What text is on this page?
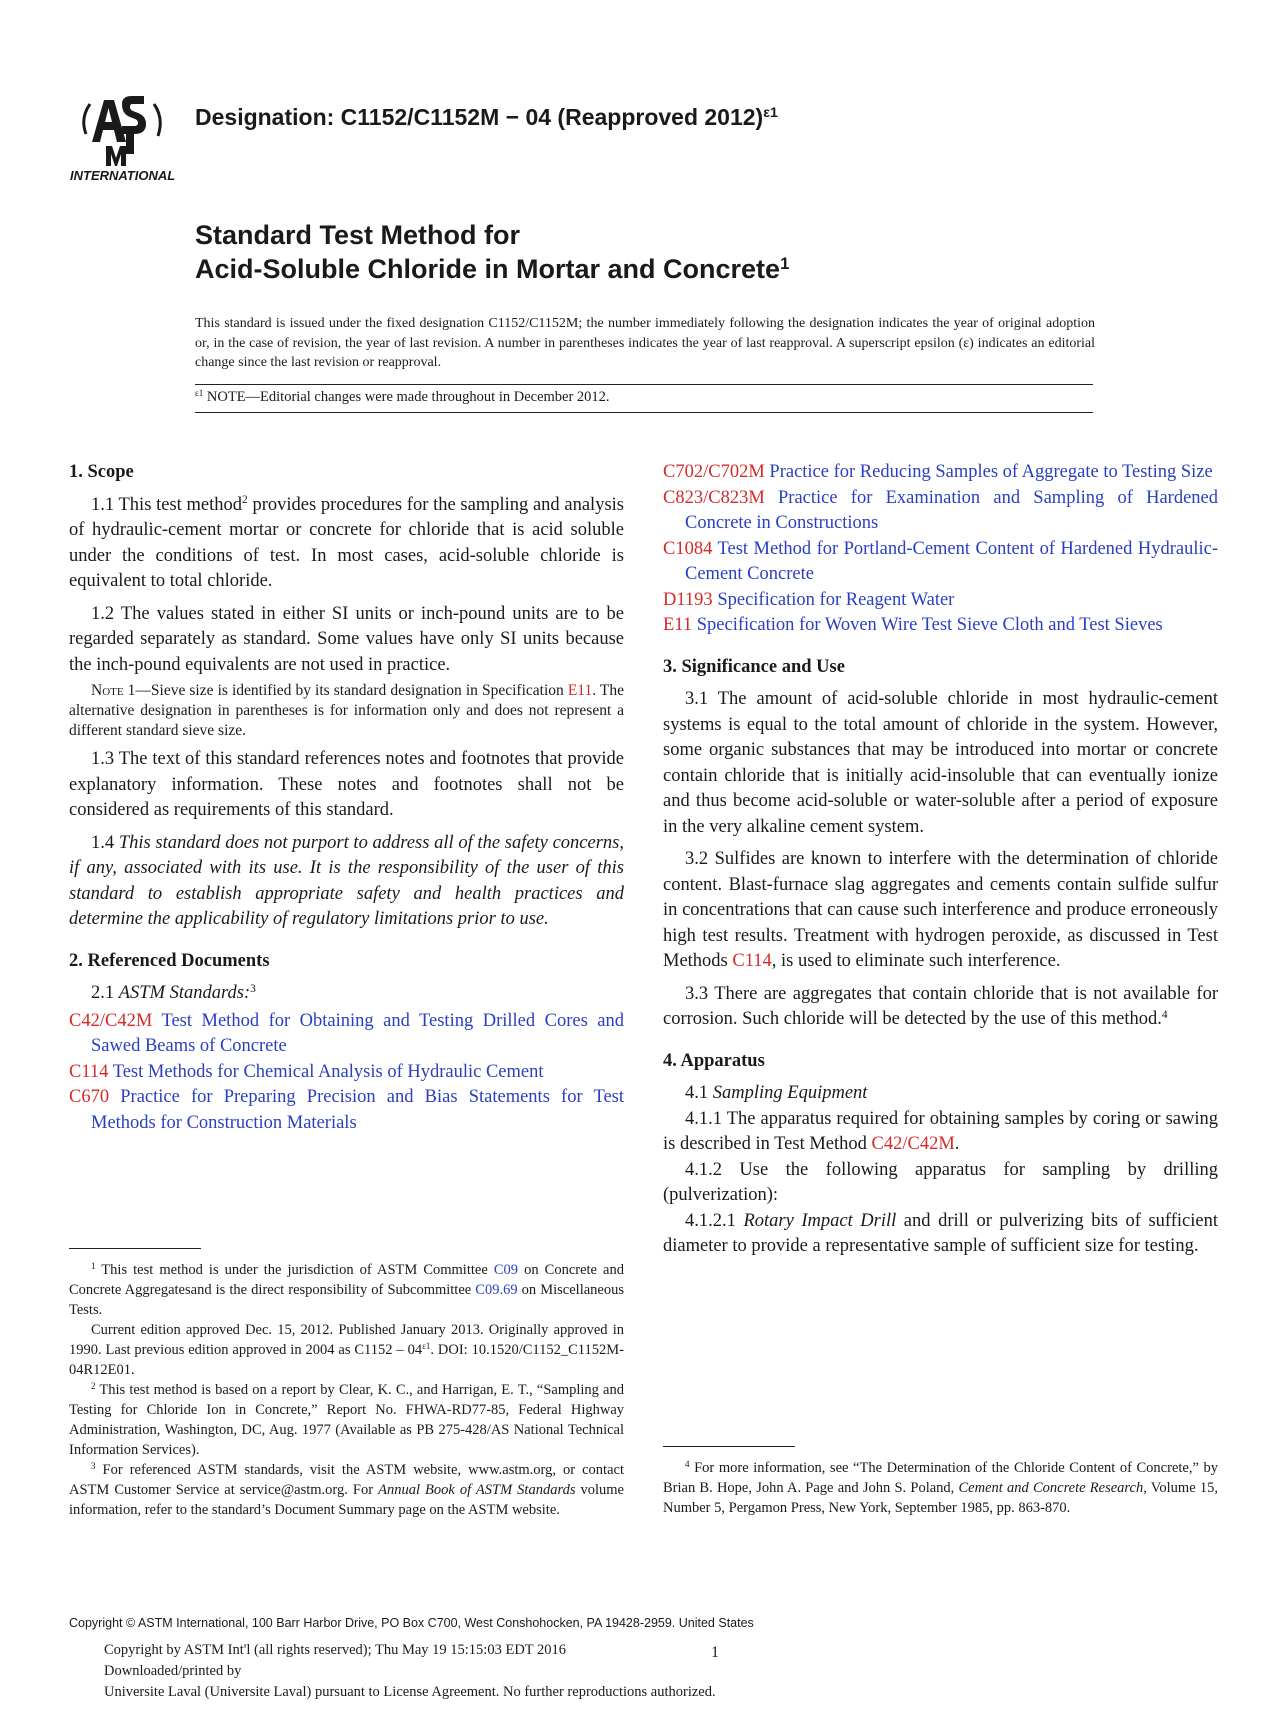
INTERNATIONAL
Designation: C1152/C1152M − 04 (Reapproved 2012)$^{\varepsilon 1}$
Standard Test Method for
Acid-Soluble Chloride in Mortar and Concrete$^1$
This standard is issued under the fixed designation C1152/C1152M; the number immediately following the designation indicates the year of original adoption or, in the case of revision, the year of last revision. A number in parentheses indicates the year of last reapproval. A superscript epsilon (ε) indicates an editorial change since the last revision or reapproval.
$^{\varepsilon 1}$ NOTE—Editorial changes were made throughout in December 2012.
1. Scope

1.1 This test method$^2$ provides procedures for the sampling and analysis of hydraulic-cement mortar or concrete for chloride that is acid soluble under the conditions of test. In most cases, acid-soluble chloride is equivalent to total chloride.

1.2 The values stated in either SI units or inch-pound units are to be regarded separately as standard. Some values have only SI units because the inch-pound equivalents are not used in practice.

Note 1—Sieve size is identified by its standard designation in Specification E11. The alternative designation in parentheses is for information only and does not represent a different standard sieve size.

1.3 The text of this standard references notes and footnotes that provide explanatory information. These notes and footnotes shall not be considered as requirements of this standard.

1.4 This standard does not purport to address all of the safety concerns, if any, associated with its use. It is the responsibility of the user of this standard to establish appropriate safety and health practices and determine the applicability of regulatory limitations prior to use.

2. Referenced Documents

2.1 ASTM Standards:$^3$

C42/C42M Test Method for Obtaining and Testing Drilled Cores and Sawed Beams of Concrete

C114 Test Methods for Chemical Analysis of Hydraulic Cement

C670 Practice for Preparing Precision and Bias Statements for Test Methods for Construction Materials

$^1$ This test method is under the jurisdiction of ASTM Committee C09 on Concrete and Concrete Aggregatesand is the direct responsibility of Subcommittee C09.69 on Miscellaneous Tests.

Current edition approved Dec. 15, 2012. Published January 2013. Originally approved in 1990. Last previous edition approved in 2004 as $C1152 - 04^{\varepsilon 1}$. DOI: 10.1520/C1152_C1152M-04R12E01.

$^2$ This test method is based on a report by Clear, K. C., and Harrigan, E. T., “Sampling and Testing for Chloride Ion in Concrete,” Report No. FHWA-RD77-85, Federal Highway Administration, Washington, DC, Aug. 1977 (Available as PB 275-428/AS National Technical Information Services).

$^3$ For referenced ASTM standards, visit the ASTM website, www.astm.org, or contact ASTM Customer Service at service@astm.org. For Annual Book of ASTM Standards volume information, refer to the standard’s Document Summary page on the ASTM website.

C702/C702M Practice for Reducing Samples of Aggregate to Testing Size

C823/C823M Practice for Examination and Sampling of Hardened Concrete in Constructions

C1084 Test Method for Portland-Cement Content of Hardened Hydraulic-Cement Concrete

D1193 Specification for Reagent Water

E11 Specification for Woven Wire Test Sieve Cloth and Test Sieves

3. Significance and Use

3.1 The amount of acid-soluble chloride in most hydraulic-cement systems is equal to the total amount of chloride in the system. However, some organic substances that may be introduced into mortar or concrete contain chloride that is initially acid-insoluble that can eventually ionize and thus become acid-soluble or water-soluble after a period of exposure in the very alkaline cement system.

3.2 Sulfides are known to interfere with the determination of chloride content. Blast-furnace slag aggregates and cements contain sulfide sulfur in concentrations that can cause such interference and produce erroneously high test results. Treatment with hydrogen peroxide, as discussed in Test Methods C114, is used to eliminate such interference.

3.3 There are aggregates that contain chloride that is not available for corrosion. Such chloride will be detected by the use of this method.$^4$

4. Apparatus

4.1 Sampling Equipment

4.1.1 The apparatus required for obtaining samples by coring or sawing is described in Test Method C42/C42M.

4.1.2 Use the following apparatus for sampling by drilling (pulverization):

4.1.2.1 Rotary Impact Drill and drill or pulverizing bits of sufficient diameter to provide a representative sample of sufficient size for testing.

$^4$ For more information, see “The Determination of the Chloride Content of Concrete,” by Brian B. Hope, John A. Page and John S. Poland, Cement and Concrete Research, Volume 15, Number 5, Pergamon Press, New York, September 1985, pp. 863-870.

Copyright © ASTM International, 100 Barr Harbor Drive, PO Box C700, West Conshohocken, PA 19428-2959. United States
Copyright by ASTM Int'l (all rights reserved); Thu May 19 15:15:03 EDT 2016
Downloaded/printed by
Universite Laval (Universite Laval) pursuant to License Agreement. No further reproductions authorized.
1
